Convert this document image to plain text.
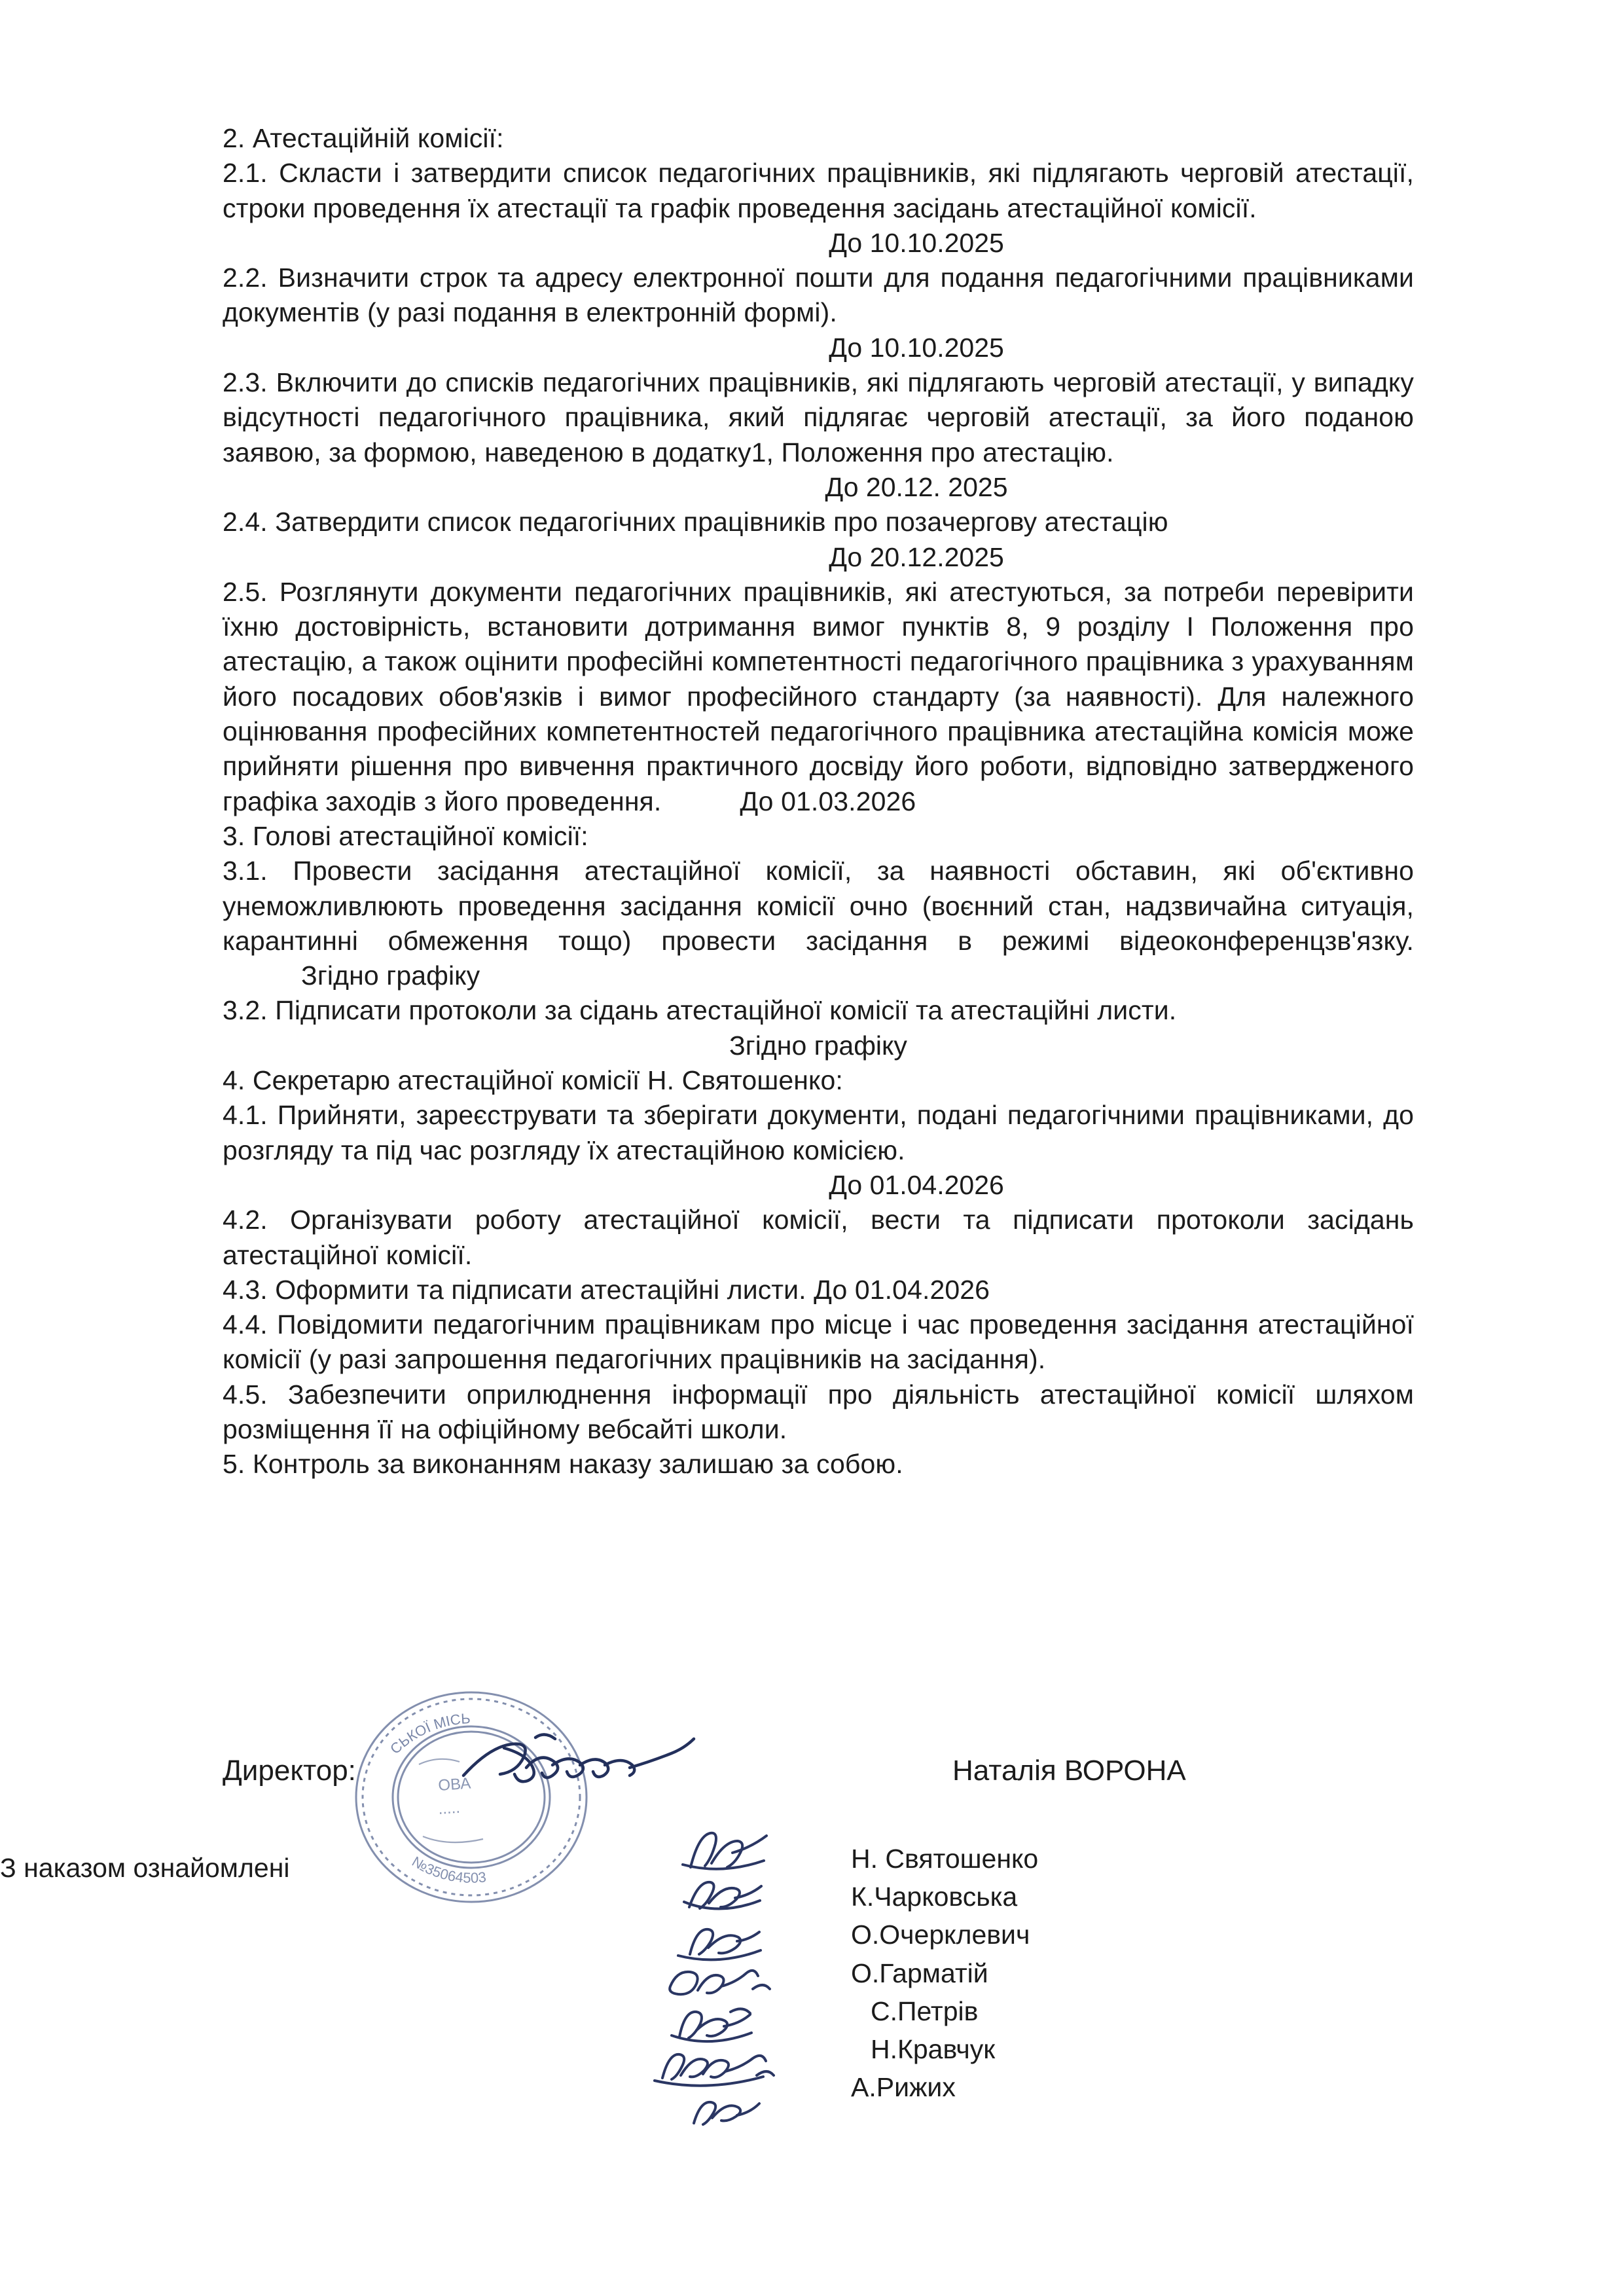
2. Атестаційній комісії:

2.1. Скласти і затвердити список педагогічних працівників, які підлягають черговій атестації, строки проведення їх атестації та графік проведення засідань атестаційної комісії.

До 10.10.2025

2.2. Визначити строк та адресу електронної пошти для подання педагогічними працівниками документів (у разі подання в електронній формі).

До 10.10.2025

2.3. Включити до списків педагогічних працівників, які підлягають черговій атестації, у випадку відсутності педагогічного працівника, який підлягає черговій атестації, за його поданою заявою, за формою, наведеною в додатку1, Положення про атестацію.

До 20.12. 2025

2.4. Затвердити список педагогічних працівників про позачергову атестацію

До 20.12.2025

2.5. Розглянути документи педагогічних працівників, які атестуються, за потреби перевірити їхню достовірність, встановити дотримання вимог пунктів 8, 9 розділу І Положення про атестацію, а також оцінити професійні компетентності педагогічного працівника з урахуванням його посадових обов'язків і вимог професійного стандарту (за наявності). Для належного оцінювання професійних компетентностей педагогічного працівника атестаційна комісія може прийняти рішення про вивчення практичного досвіду його роботи, відповідно затвердженого графіка заходів з його проведення.	До 01.03.2026

3. Голові атестаційної комісії:

3.1. Провести засідання атестаційної комісії, за наявності обставин, які об'єктивно унеможливлюють проведення засідання комісії очно (воєнний стан, надзвичайна ситуація, карантинні обмеження тощо) провести засідання в режимі відеоконференцзв'язку.Згідно графіку

3.2. Підписати протоколи за сідань атестаційної комісії та атестаційні листи.

Згідно графіку

4. Секретарю атестаційної комісії Н. Святошенко:

4.1. Прийняти, зареєструвати та зберігати документи, подані педагогічними працівниками, до розгляду та під час розгляду їх атестаційною комісією.

До 01.04.2026

4.2. Організувати роботу атестаційної комісії, вести та підписати протоколи засідань атестаційної комісії.

4.3. Оформити та підписати атестаційні листи. До 01.04.2026

4.4. Повідомити педагогічним працівникам про місце і час проведення засідання атестаційної комісії (у разі запрошення педагогічних працівників на засідання).

4.5. Забезпечити оприлюднення інформації про діяльність атестаційної комісії шляхом розміщення її на офіційному вебсайті школи.

5. Контроль за виконанням наказу залишаю за собою.

СЬКОЇ МІСЬ
№35064503
ОВА
.....
Директор:	Наталія ВОРОНА
З наказом ознайомлені	Н. Святошенко
К.Чарковська
О.Очерклевич
О.Гарматій
С.Петрів
Н.Кравчук
А.Рижих
